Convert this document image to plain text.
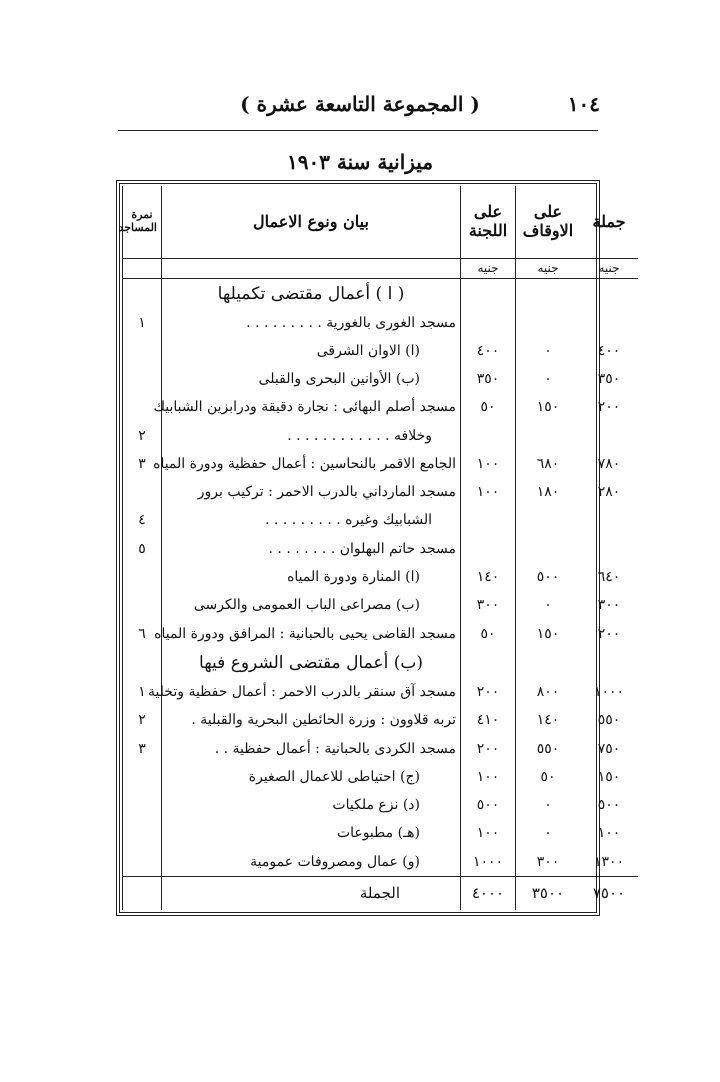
١٠٤
( المجموعة التاسعة عشرة )
ميزانية سنة ١٩٠٣
جملة	على الاوقاف	على اللجنة	بيان ونوع الاعمال	نمرة المساجد
جنيه	جنيه	جنيه		
			( ا ) أعمال مقتضى تكميلها	
			مسجد الغورى بالغورية . . . . . . . . .	١
٤٠٠	٠	٤٠٠	(ا) الاوان الشرقى	
٣٥٠	٠	٣٥٠	(ب) الأوانين البحرى والقبلى	
٢٠٠	١٥٠	٥٠	مسجد أصلم البهائى : نجارة دقيقة ودرابزين الشبابيك	
			وخلافه . . . . . . . . . . . .	٢
٧٨٠	٦٨٠	١٠٠	الجامع الاقمر بالنحاسين : أعمال حفظية ودورة المياه	٣
٢٨٠	١٨٠	١٠٠	مسجد المارداني بالدرب الاحمر : تركيب برور	
			الشبابيك وغيره . . . . . . . . .	٤
			مسجد حاتم البهلوان . . . . . . . .	٥
٦٤٠	٥٠٠	١٤٠	(ا) المنارة ودورة المياه	
٣٠٠	٠	٣٠٠	(ب) مصراعى الباب العمومى والكرسى	
٢٠٠	١٥٠	٥٠	مسجد القاضى يحيى بالحبانية : المرافق ودورة المياه	٦
			(ب) أعمال مقتضى الشروع فيها	
١٠٠٠	٨٠٠	٢٠٠	مسجد آق سنقر بالدرب الاحمر : أعمال حفظية وتخلية	١
٥٥٠	١٤٠	٤١٠	تربه قلاوون : وزرة الحائطين البحرية والقبلية .	٢
٧٥٠	٥٥٠	٢٠٠	مسجد الكردى بالحبانية : أعمال حفظية . .	٣
١٥٠	٥٠	١٠٠	(ج) احتياطى للاعمال الصغيرة	
٥٠٠	٠	٥٠٠	(د) نزع ملكيات	
١٠٠	٠	١٠٠	(هـ) مطبوعات	
١٣٠٠	٣٠٠	١٠٠٠	(و) عمال ومصروفات عمومية	
٧٥٠٠	٣٥٠٠	٤٠٠٠	الجملة	
